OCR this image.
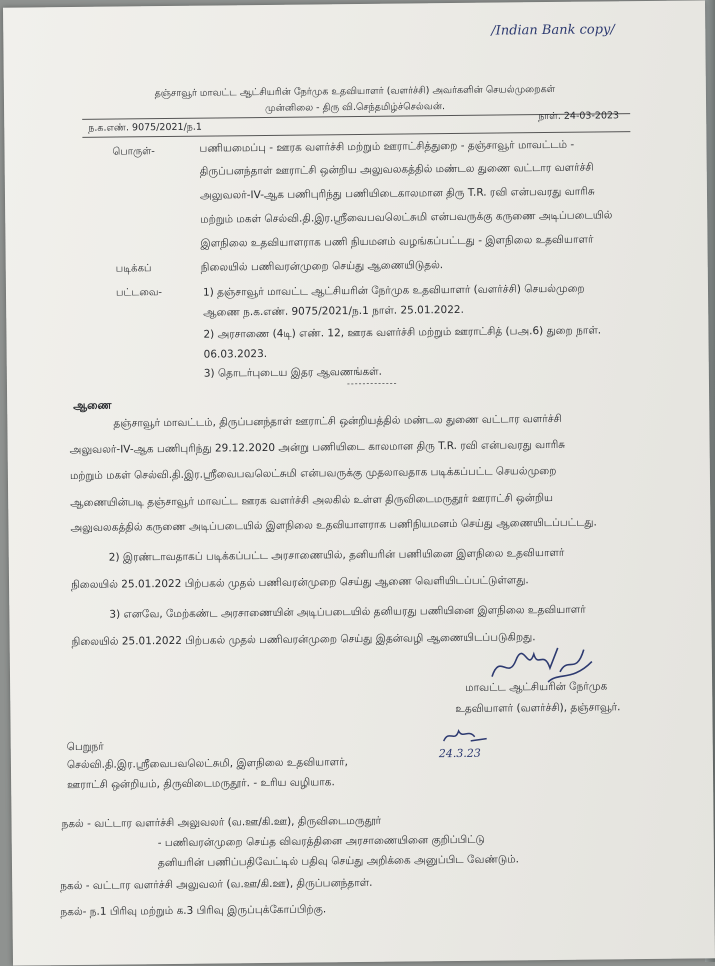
/Indian Bank copy/
தஞ்சாவூர் மாவட்ட ஆட்சியரின் நேர்முக உதவியாளர் (வளர்ச்சி) அவர்களின் செயல்முறைகள்
முன்னிலை - திரு வி.செந்தமிழ்ச்செல்வன்.
ந.க.எண். 9075/2021/ந.1
நாள். 24-03-2023
பொருள்-	பணியமைப்பு - ஊரக வளர்ச்சி மற்றும் ஊராட்சித்துறை - தஞ்சாவூர் மாவட்டம் -
திருப்பனந்தாள் ஊராட்சி ஒன்றிய அலுவலகத்தில் மண்டல துணை வட்டார வளர்ச்சி
அலுவலர்-IV-ஆக பணிபுரிந்து பணியிடைகாலமான திரு T.R. ரவி என்பவரது வாரிசு
மற்றும் மகள் செல்வி.தி.இர.ஸ்ரீவைபவலெட்சுமி என்பவருக்கு கருணை அடிப்படையில்
இளநிலை உதவியாளராக பணி நியமனம் வழங்கப்பட்டது - இளநிலை உதவியாளர்
நிலையில் பணிவரன்முறை செய்து ஆணையிடுதல்.
படிக்கப்
பட்டவை-	1) தஞ்சாவூர் மாவட்ட ஆட்சியரின் நேர்முக உதவியாளர் (வளர்ச்சி) செயல்முறை
ஆணை ந.க.எண். 9075/2021/ந.1 நாள். 25.01.2022.
2) அரசாணை (4டி) எண். 12, ஊரக வளர்ச்சி மற்றும் ஊராட்சித் (பஅ.6) துறை நாள்.
06.03.2023.
3) தொடர்புடைய இதர ஆவணங்கள்.
-------------
ஆணை
தஞ்சாவூர் மாவட்டம், திருப்பனந்தாள் ஊராட்சி ஒன்றியத்தில் மண்டல துணை வட்டார வளர்ச்சி
அலுவலர்-IV-ஆக பணிபுரிந்து 29.12.2020 அன்று பணியிடை காலமான திரு T.R. ரவி என்பவரது வாரிசு
மற்றும் மகள் செல்வி.தி.இர.ஸ்ரீவைபவலெட்சுமி என்பவருக்கு முதலாவதாக படிக்கப்பட்ட செயல்முறை
ஆணையின்படி தஞ்சாவூர் மாவட்ட ஊரக வளர்ச்சி அலகில் உள்ள திருவிடைமருதூர் ஊராட்சி ஒன்றிய
அலுவலகத்தில் கருணை அடிப்படையில் இளநிலை உதவியாளராக பணிநியமனம் செய்து ஆணையிடப்பட்டது.
2) இரண்டாவதாகப் படிக்கப்பட்ட அரசாணையில், தனியரின் பணியினை இளநிலை உதவியாளர்
நிலையில் 25.01.2022 பிற்பகல் முதல் பணிவரன்முறை செய்து ஆணை வெளியிடப்பட்டுள்ளது.
3) எனவே, மேற்கண்ட அரசாணையின் அடிப்படையில் தனியரது பணியினை இளநிலை உதவியாளர்
நிலையில் 25.01.2022 பிற்பகல் முதல் பணிவரன்முறை செய்து இதன்வழி ஆணையிடப்படுகிறது.
மாவட்ட ஆட்சியரின் நேர்முக
உதவியாளர் (வளர்ச்சி), தஞ்சாவூர்.
24.3.23
பெறுநர்
செல்வி.தி.இர.ஸ்ரீவைபவலெட்சுமி, இளநிலை உதவியாளர்,
ஊராட்சி ஒன்றியம், திருவிடைமருதூர். - உரிய வழியாக.
நகல் - வட்டார வளர்ச்சி அலுவலர் (வ.ஊ/கி.ஊ), திருவிடைமருதூர்
- பணிவரன்முறை செய்த விவரத்தினை அரசாணையினை குறிப்பிட்டு
தனியரின் பணிப்பதிவேட்டில் பதிவு செய்து அறிக்கை அனுப்பிட வேண்டும்.
நகல் - வட்டார வளர்ச்சி அலுவலர் (வ.ஊ/கி.ஊ), திருப்பனந்தாள்.
நகல்- ந.1 பிரிவு மற்றும் க.3 பிரிவு இருப்புக்கோப்பிற்கு.
